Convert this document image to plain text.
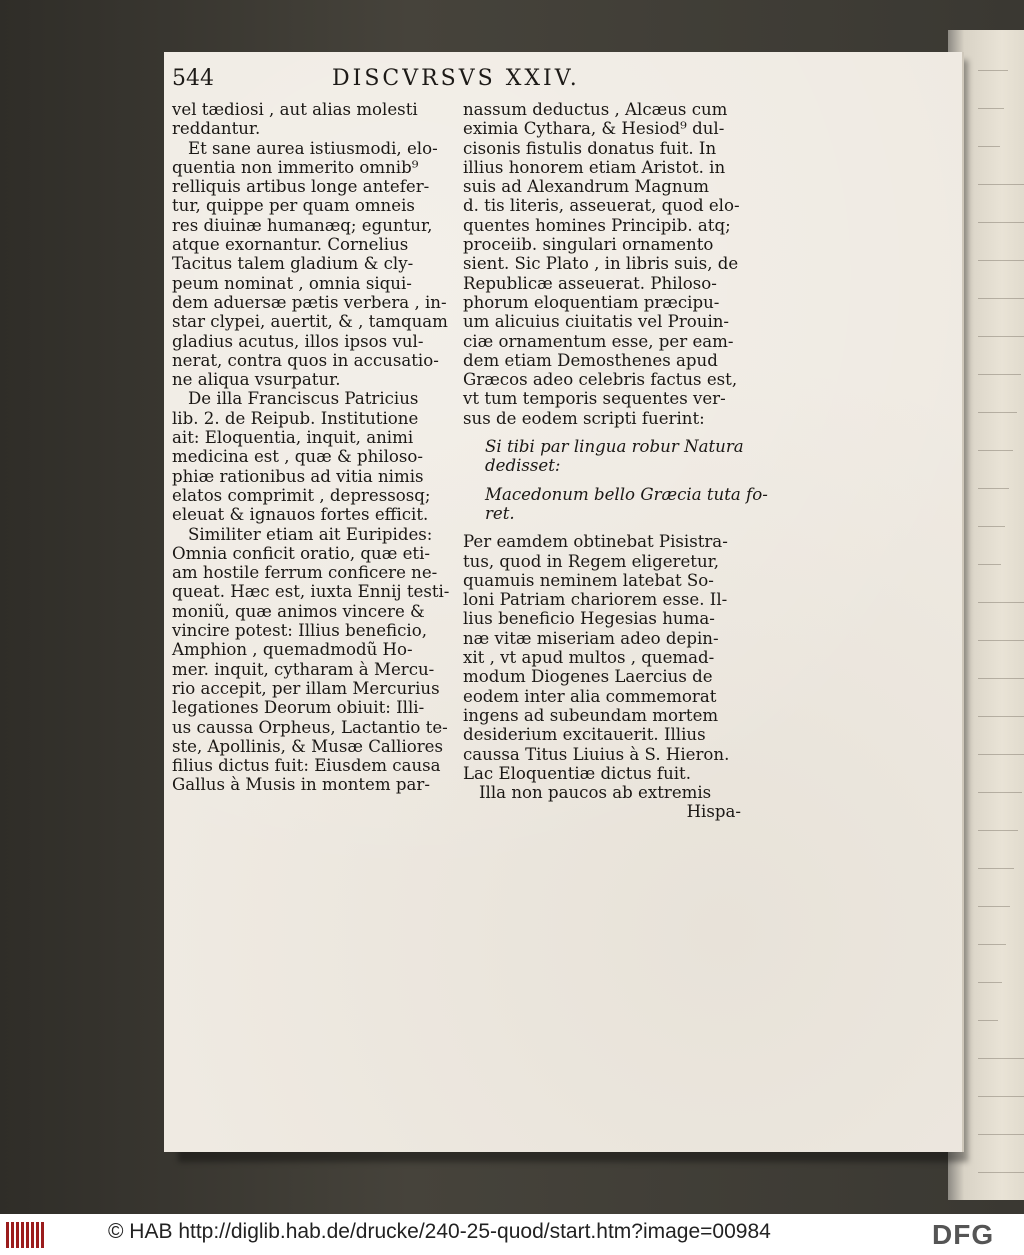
544	DISCVRSVS XXIV.
vel tædiosi , aut alias molesti
reddantur.
Et sane aurea istiusmodi, elo-
quentia non immerito omnib⁹
relliquis artibus longe antefer-
tur, quippe per quam omneis
res diuinæ humanæq; eguntur,
atque exornantur. Cornelius
Tacitus talem gladium & cly-
peum nominat , omnia siqui-
dem aduersæ pætis verbera , in-
star clypei, auertit, & , tamquam
gladius acutus, illos ipsos vul-
nerat, contra quos in accusatio-
ne aliqua vsurpatur.
De illa Franciscus Patricius
lib. 2. de Reipub. Institutione
ait: Eloquentia, inquit, animi
medicina est , quæ & philoso-
phiæ rationibus ad vitia nimis
elatos comprimit , depressosq;
eleuat & ignauos fortes efficit.
Similiter etiam ait Euripides:
Omnia conficit oratio, quæ eti-
am hostile ferrum conficere ne-
queat. Hæc est, iuxta Ennij testi-
moniũ, quæ animos vincere &
vincire potest: Illius beneficio,
Amphion , quemadmodũ Ho-
mer. inquit, cytharam à Mercu-
rio accepit, per illam Mercurius
legationes Deorum obiuit: Illi-
us caussa Orpheus, Lactantio te-
ste, Apollinis, & Musæ Calliores
filius dictus fuit: Eiusdem causa
Gallus à Musis in montem par-
nassum deductus , Alcæus cum
eximia Cythara, & Hesiod⁹ dul-
cisonis fistulis donatus fuit. In
illius honorem etiam Aristot. in
suis ad Alexandrum Magnum
d. tis literis, asseuerat, quod elo-
quentes homines Principib. atq;
proceiib. singulari ornamento
sient. Sic Plato , in libris suis, de
Republicæ asseuerat. Philoso-
phorum eloquentiam præcipu-
um alicuius ciuitatis vel Prouin-
ciæ ornamentum esse, per eam-
dem etiam Demosthenes apud
Græcos adeo celebris factus est,
vt tum temporis sequentes ver-
sus de eodem scripti fuerint:
Si tibi par lingua robur Natura
dedisset:
Macedonum bello Græcia tuta fo-
ret.
Per eamdem obtinebat Pisistra-
tus, quod in Regem eligeretur,
quamuis neminem latebat So-
loni Patriam chariorem esse. Il-
lius beneficio Hegesias huma-
næ vitæ miseriam adeo depin-
xit , vt apud multos , quemad-
modum Diogenes Laercius de
eodem inter alia commemorat
ingens ad subeundam mortem
desiderium excitauerit. Illius
caussa Titus Liuius à S. Hieron.
Lac Eloquentiæ dictus fuit.
Illa non paucos ab extremis
Hispa-
© HAB http://diglib.hab.de/drucke/240-25-quod/start.htm?image=00984	DFG
